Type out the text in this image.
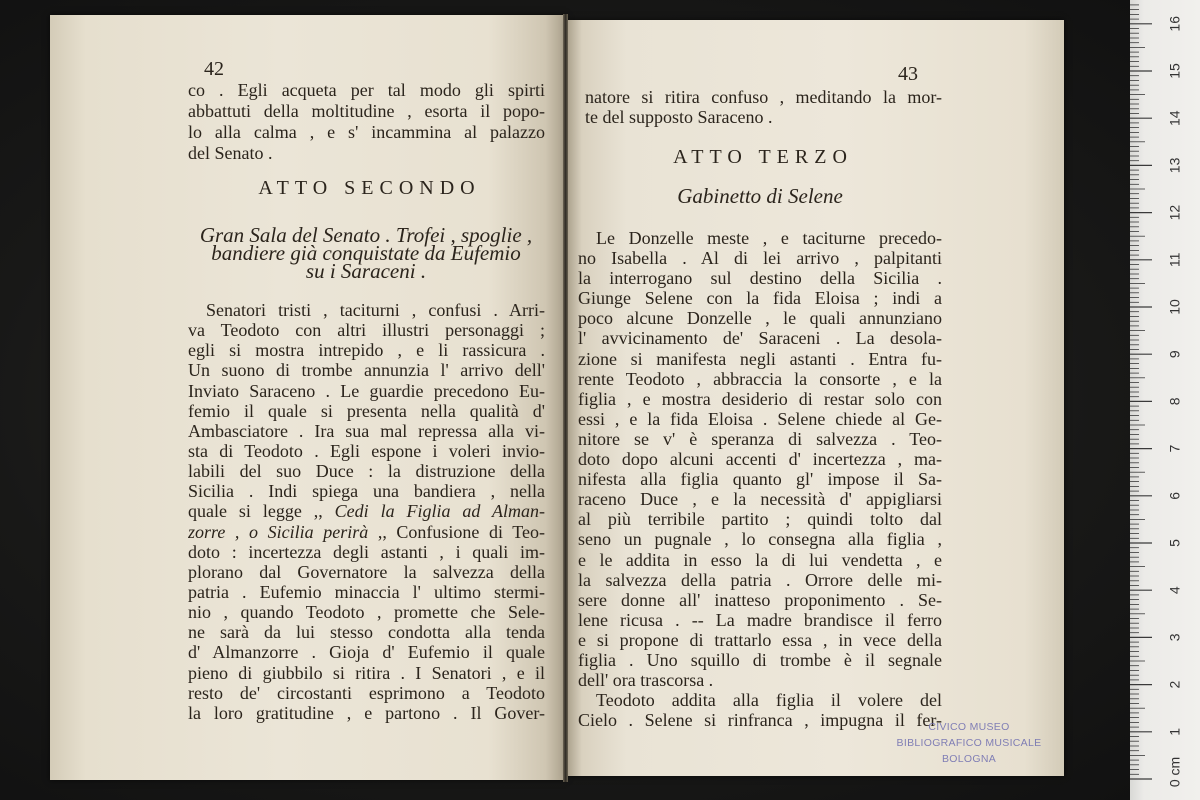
42
co . Egli acqueta per tal modo gli spirti
abbattuti della moltitudine , esorta il popo-
lo alla calma , e s' incammina al palazzo
del Senato .
ATTO SECONDO
Gran Sala del Senato . Trofei , spoglie ,
bandiere già conquistate da Eufemio
su i Saraceni .
Senatori tristi , taciturni , confusi . Arri-
va Teodoto con altri illustri personaggi ;
egli si mostra intrepido , e li rassicura .
Un suono di trombe annunzia l' arrivo dell'
Inviato Saraceno . Le guardie precedono Eu-
femio il quale si presenta nella qualità d'
Ambasciatore . Ira sua mal repressa alla vi-
sta di Teodoto . Egli espone i voleri invio-
labili del suo Duce : la distruzione della
Sicilia . Indi spiega una bandiera , nella
quale si legge ,, Cedi la Figlia ad Alman-
zorre , o Sicilia perirà ,, Confusione di Teo-
doto : incertezza degli astanti , i quali im-
plorano dal Governatore la salvezza della
patria . Eufemio minaccia l' ultimo stermi-
nio , quando Teodoto , promette che Sele-
ne sarà da lui stesso condotta alla tenda
d' Almanzorre . Gioja d' Eufemio il quale
pieno di giubbilo si ritira . I Senatori , e il
resto de' circostanti esprimono a Teodoto
la loro gratitudine , e partono . Il Gover-
43
natore si ritira confuso , meditando la mor-
te del supposto Saraceno .
ATTO TERZO
Gabinetto di Selene
Le Donzelle meste , e taciturne precedo-
no Isabella . Al di lei arrivo , palpitanti
la interrogano sul destino della Sicilia .
Giunge Selene con la fida Eloisa ; indi a
poco alcune Donzelle , le quali annunziano
l' avvicinamento de' Saraceni . La desola-
zione si manifesta negli astanti . Entra fu-
rente Teodoto , abbraccia la consorte , e la
figlia , e mostra desiderio di restar solo con
essi , e la fida Eloisa . Selene chiede al Ge-
nitore se v' è speranza di salvezza . Teo-
doto dopo alcuni accenti d' incertezza , ma-
nifesta alla figlia quanto gl' impose il Sa-
raceno Duce , e la necessità d' appigliarsi
al più terribile partito ; quindi tolto dal
seno un pugnale , lo consegna alla figlia ,
e le addita in esso la di lui vendetta , e
la salvezza della patria . Orrore delle mi-
sere donne all' inatteso proponimento . Se-
lene ricusa . -- La madre brandisce il ferro
e si propone di trattarlo essa , in vece della
figlia . Uno squillo di trombe è il segnale
dell' ora trascorsa .
Teodoto addita alla figlia il volere del
Cielo . Selene si rinfranca , impugna il fer-
CIVICO MUSEO
BIBLIOGRAFICO MUSICALE
BOLOGNA	0 cm
1
2
3
4
5
6
7
8
9
10
11
12
13
14
15
16
